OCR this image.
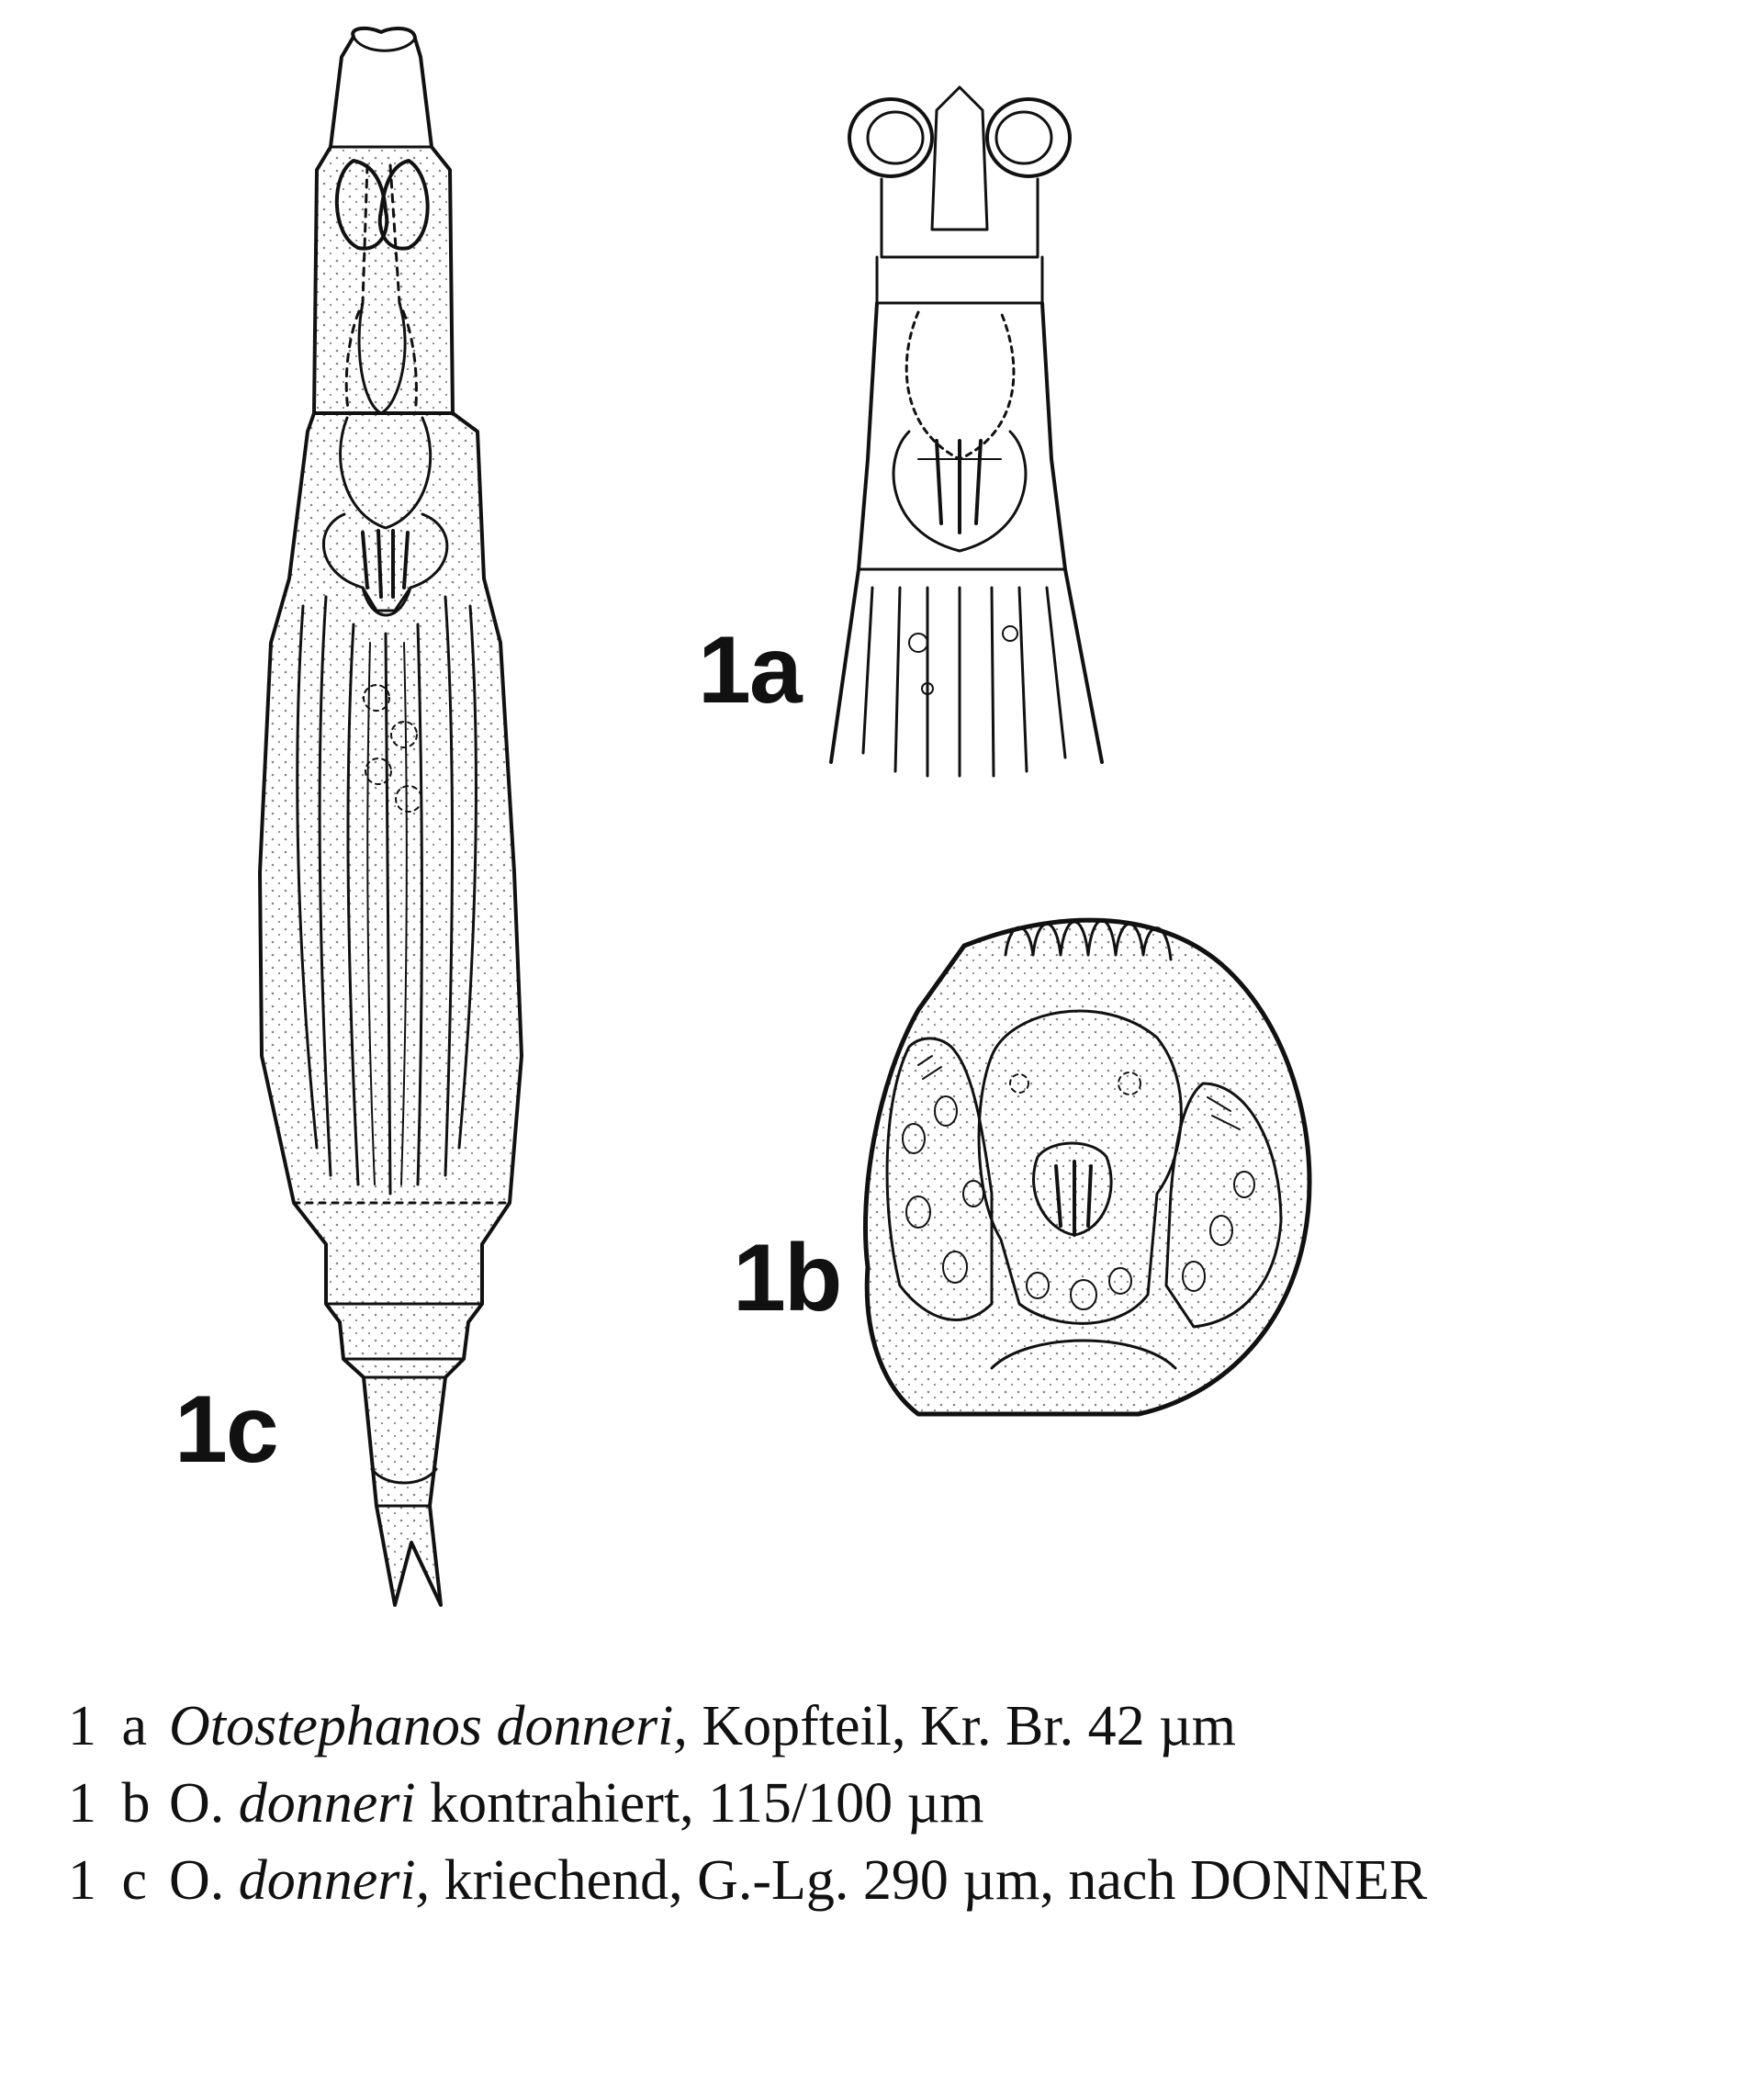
1a
1b
1c
1 a Otostephanos donneri, Kopfteil, Kr. Br. 42 µm
1 b O. donneri kontrahiert, 115/100 µm
1 c O. donneri, kriechend, G.-Lg. 290 µm, nach DONNER
